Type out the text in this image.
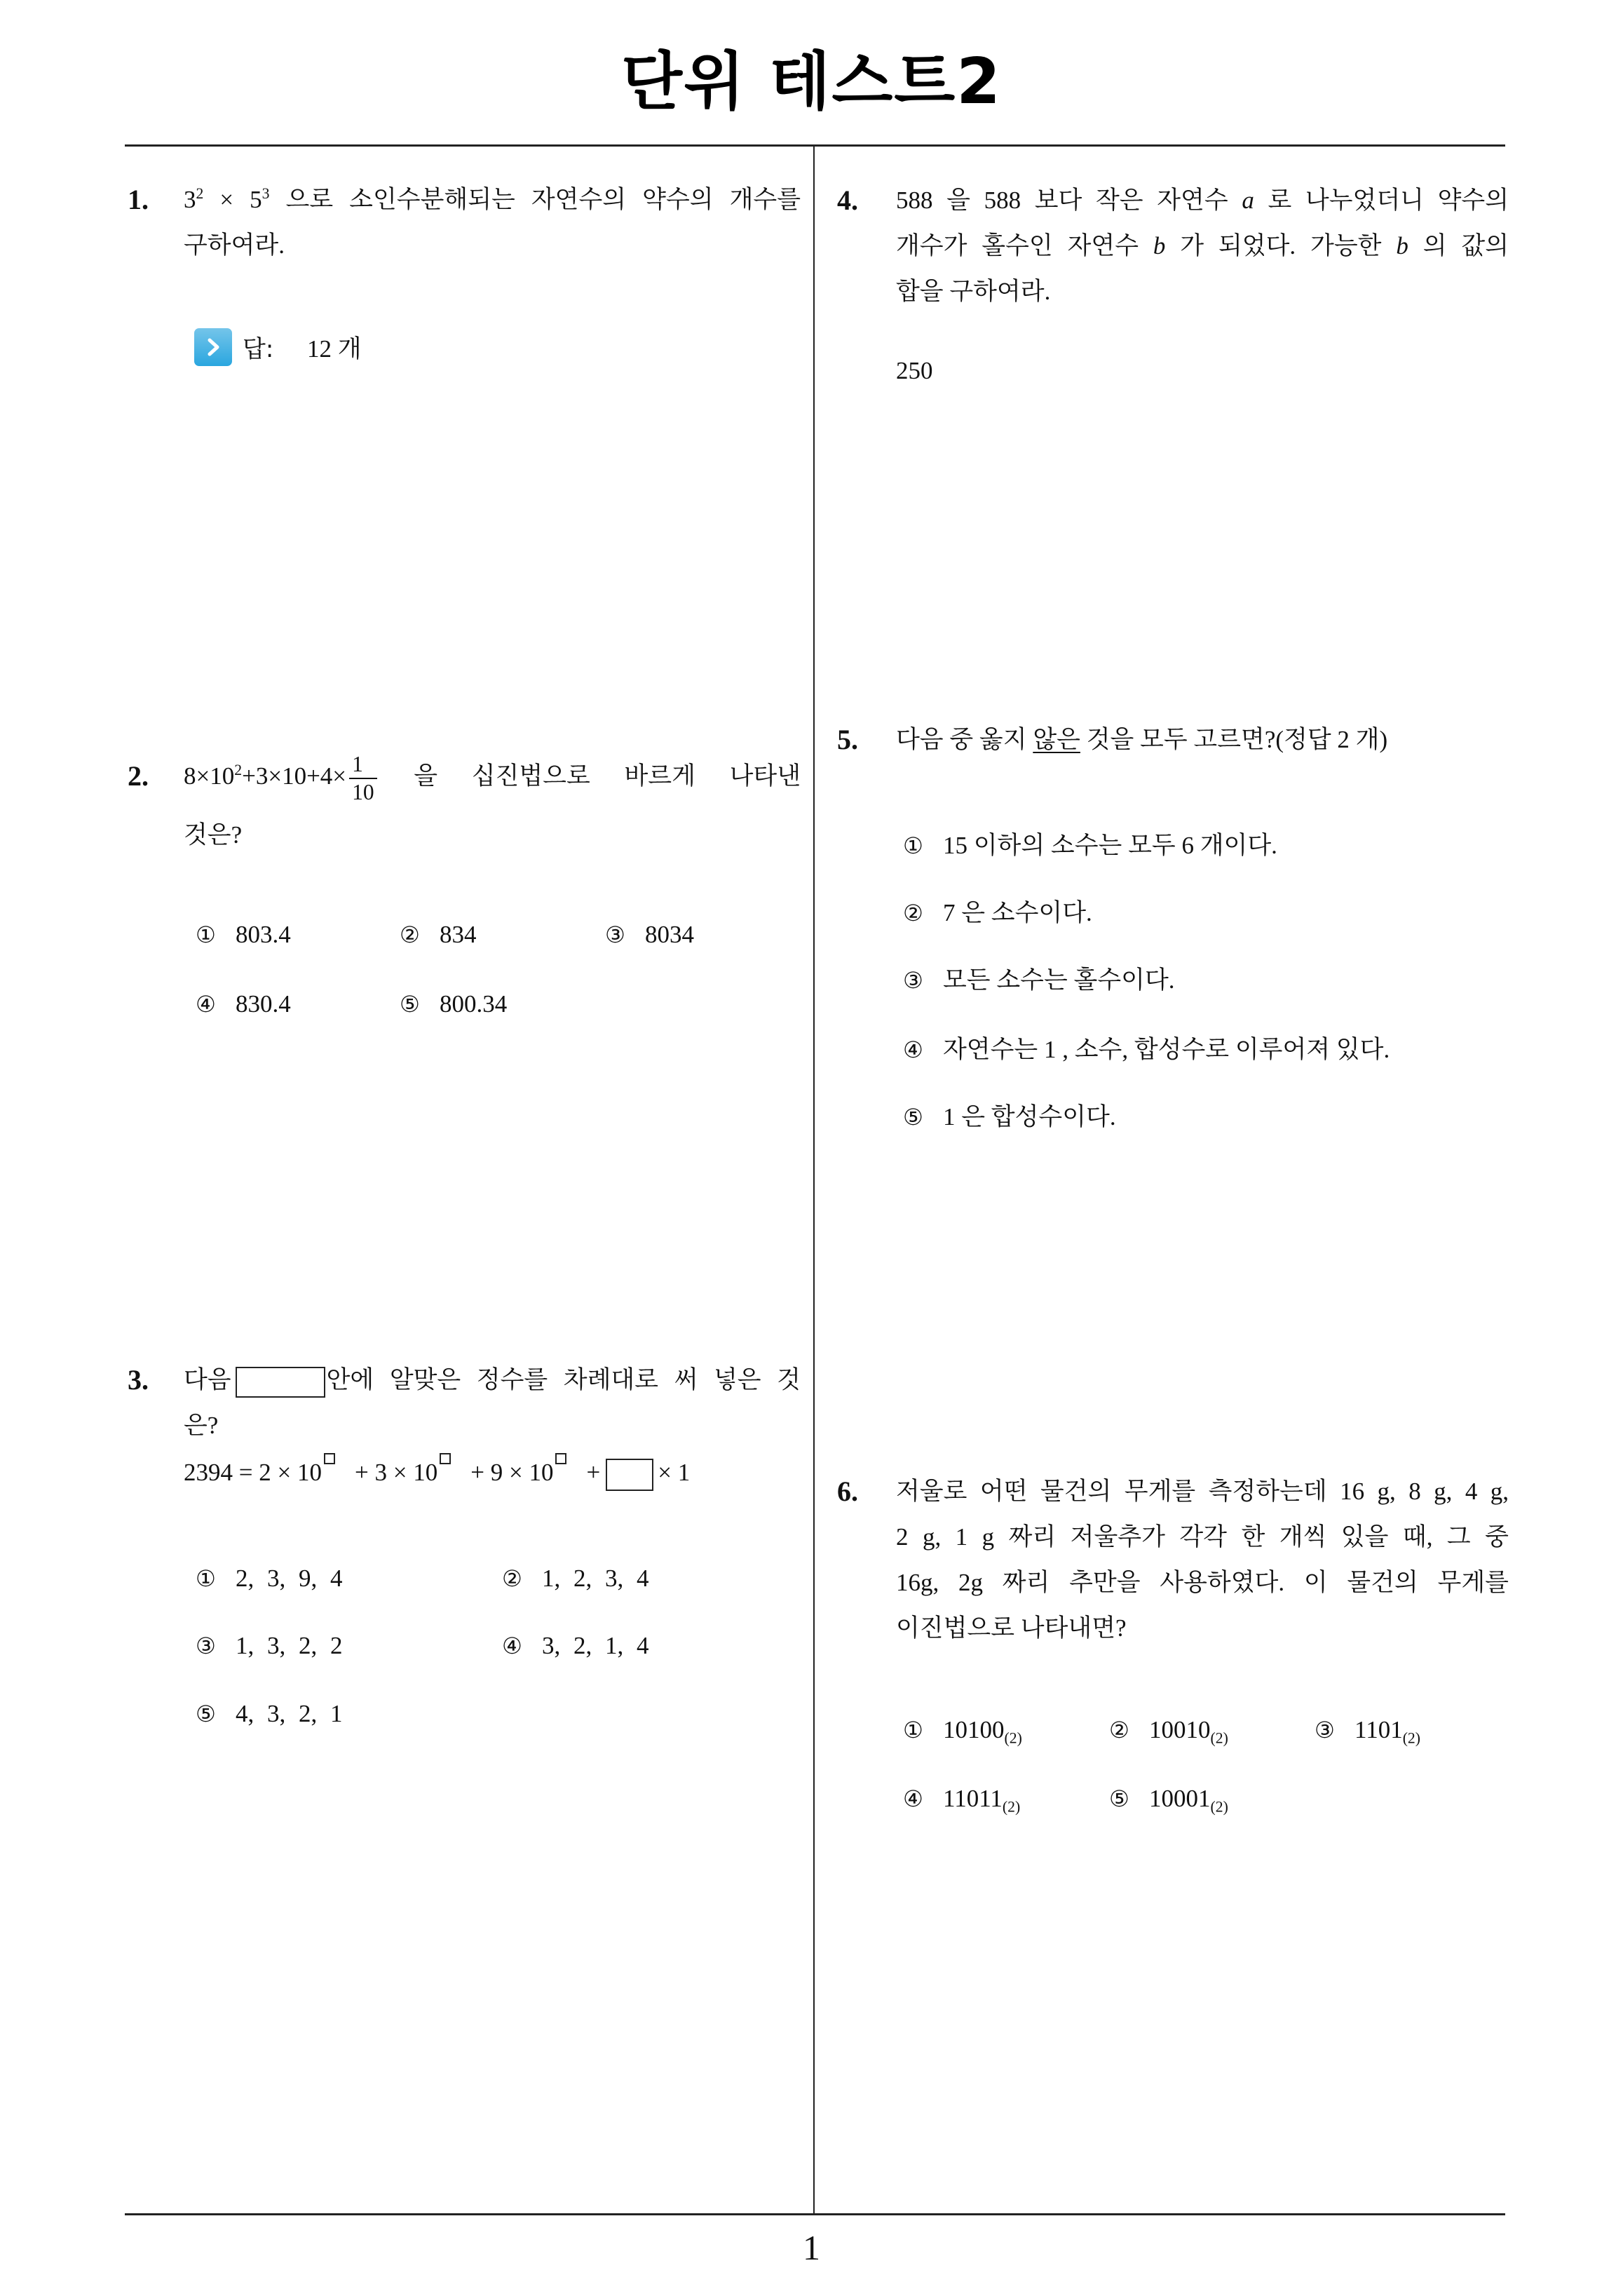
단위 테스트2
1
1. $3^2 \times 5^3$ 으로 소인수분해되는 자연수의 약수의 개수를
구하여라.
답:	12 개
2. $8\times 10^2+3\times 10+4\times \frac{1}{10}$ 을 십진법으로 바르게 나타낸
것은?
① 803.4	② 834	③ 8034
④ 830.4	⑤ 800.34
3. 다음	안에 알맞은 정수를 차례대로 써 넣은 것
은?
2394 = 2 × 10 + 3 × 10 + 9 × 10 + × 1
① 2, 3, 9, 4	② 1, 2, 3, 4
③ 1, 3, 2, 2	④ 3, 2, 1, 4
⑤ 4, 3, 2, 1
4. 588 을 588 보다 작은 자연수 a 로 나누었더니 약수의
개수가 홀수인 자연수 b 가 되었다. 가능한 b 의 값의
합을 구하여라.
250
5. 다음 중 옳지 않은 것을 모두 고르면?(정답 2 개)
① 15 이하의 소수는 모두 6 개이다.
② 7 은 소수이다.
③ 모든 소수는 홀수이다.
④ 자연수는 1 , 소수, 합성수로 이루어져 있다.
⑤ 1 은 합성수이다.
6. 저울로 어떤 물건의 무게를 측정하는데 16 g, 8 g, 4 g,
2 g, 1 g 짜리 저울추가 각각 한 개씩 있을 때, 그 중
16g, 2g 짜리 추만을 사용하였다. 이 물건의 무게를
이진법으로 나타내면?
① $10100_{(2)}$	② $10010_{(2)}$	③ $1101_{(2)}$
④ $11011_{(2)}$	⑤ $10001_{(2)}$
